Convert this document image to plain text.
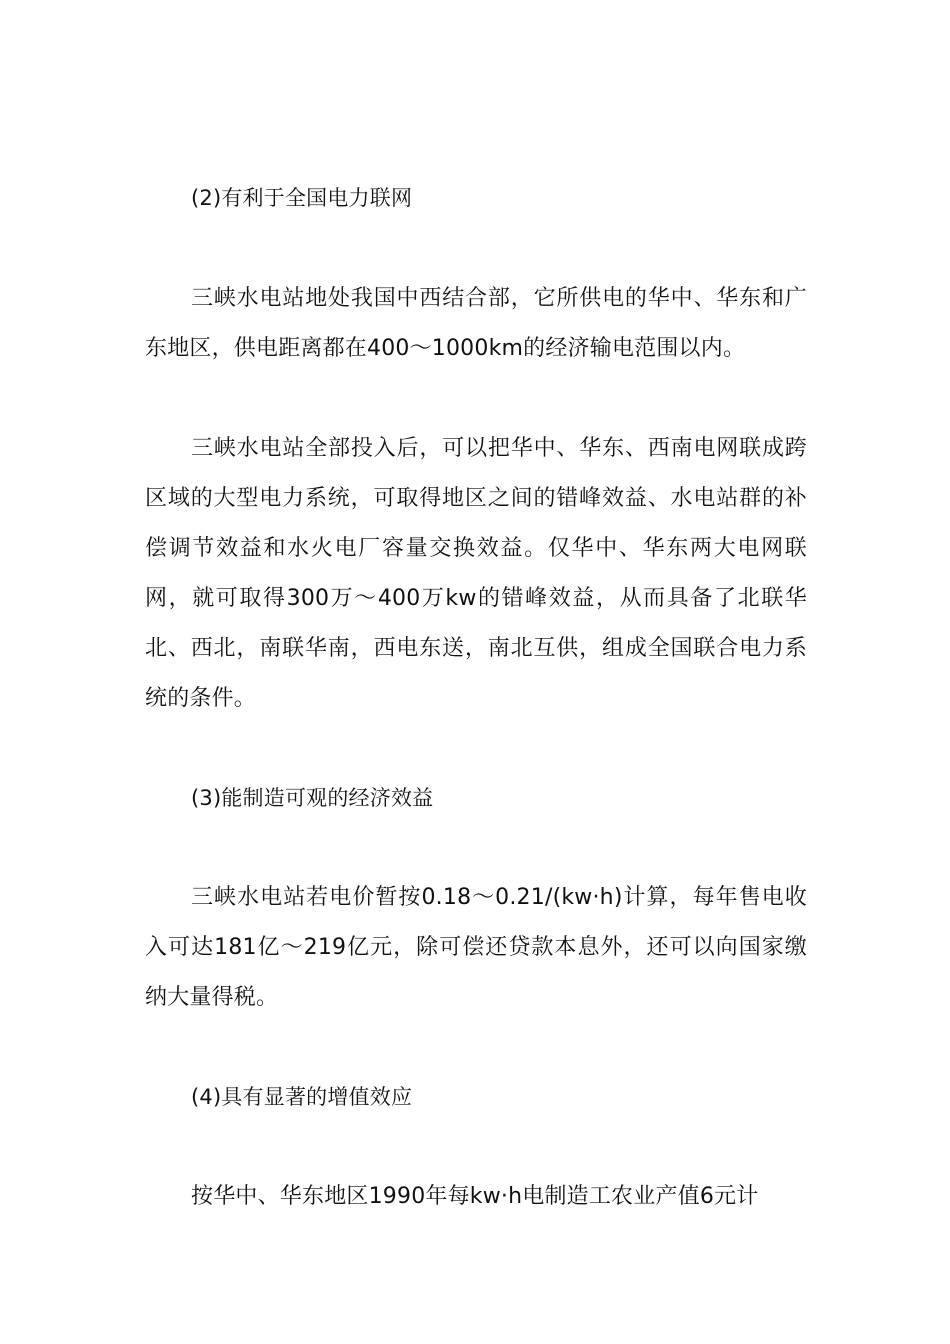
(2)有利于全国电力联网

三峡水电站地处我国中西结合部，它所供电的华中、华东和广东地区，供电距离都在400～1000km的经济输电范围以内。

三峡水电站全部投入后，可以把华中、华东、西南电网联成跨区域的大型电力系统，可取得地区之间的错峰效益、水电站群的补偿调节效益和水火电厂容量交换效益。仅华中、华东两大电网联网，就可取得300万～400万kw的错峰效益，从而具备了北联华北、西北，南联华南，西电东送，南北互供，组成全国联合电力系统的条件。

(3)能制造可观的经济效益

三峡水电站若电价暂按0.18～0.21/(kw·h)计算，每年售电收入可达181亿～219亿元，除可偿还贷款本息外，还可以向国家缴纳大量得税。

(4)具有显著的增值效应

按华中、华东地区1990年每kw·h电制造工农业产值6元计
